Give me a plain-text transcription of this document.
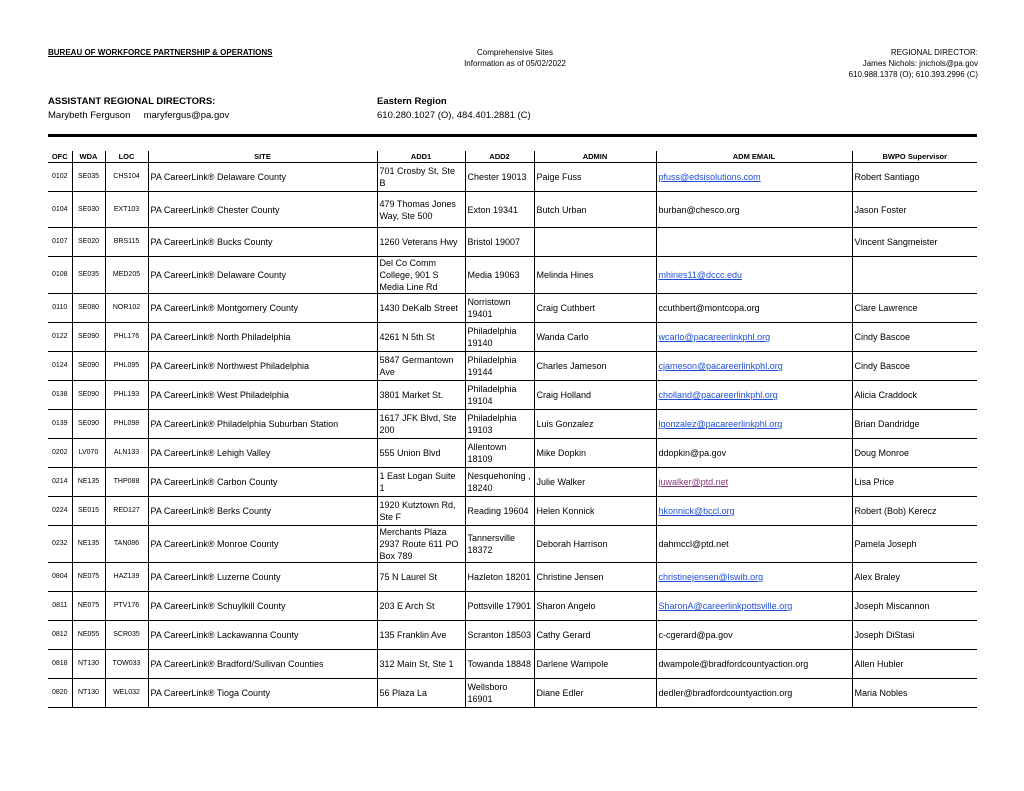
BUREAU OF WORKFORCE PARTNERSHIP & OPERATIONS	Comprehensive Sites
Information as of 05/02/2022
REGIONAL DIRECTOR:
James Nichols: jnichols@pa.gov
610.988.1378 (O); 610.393.2996 (C)
ASSISTANT REGIONAL DIRECTORS:
Marybeth Ferguson maryfergus@pa.gov
Eastern Region
610.280.1027 (O), 484.401.2881 (C)
OFC	WDA	LOC	SITE	ADD1	ADD2	ADMIN	ADM EMAIL	BWPO Supervisor
0102	SE035	CHS104	PA CareerLink® Delaware County	701 Crosby St, Ste B	Chester 19013	Paige Fuss	pfuss@edsisolutions.com	Robert Santiago
0104	SE030	EXT103	PA CareerLink® Chester County	479 Thomas Jones Way, Ste 500	Exton 19341	Butch Urban	burban@chesco.org	Jason Foster
0107	SE020	BRS115	PA CareerLink® Bucks County	1260 Veterans Hwy	Bristol 19007			Vincent Sangmeister
0108	SE035	MED205	PA CareerLink® Delaware County	Del Co Comm College, 901 S Media Line Rd	Media 19063	Melinda Hines	mhines11@dccc.edu	
0110	SE080	NOR102	PA CareerLink® Montgomery County	1430 DeKalb Street	Norristown 19401	Craig Cuthbert	ccuthbert@montcopa.org	Clare Lawrence
0122	SE090	PHL176	PA CareerLink® North Philadelphia	4261 N 5th St	Philadelphia 19140	Wanda Carlo	wcarlo@pacareerlinkphl.org	Cindy Bascoe
0124	SE090	PHL095	PA CareerLink® Northwest Philadelphia	5847 Germantown Ave	Philadelphia 19144	Charles Jameson	cjameson@pacareerlinkphl.org	Cindy Bascoe
0138	SE090	PHL193	PA CareerLink® West Philadelphia	3801 Market St.	Philadelphia 19104	Craig Holland	cholland@pacareerlinkphl.org	Alicia Craddock
0139	SE090	PHL098	PA CareerLink® Philadelphia Suburban Station	1617 JFK Blvd, Ste 200	Philadelphia 19103	Luis Gonzalez	lgonzalez@pacareerlinkphl.org	Brian Dandridge
0202	LV070	ALN133	PA CareerLink® Lehigh Valley	555 Union Blvd	Allentown 18109	Mike Dopkin	ddopkin@pa.gov	Doug Monroe
0214	NE135	THP088	PA CareerLink® Carbon County	1 East Logan Suite 1	Nesquehoning , 18240	Julie Walker	juwalker@ptd.net	Lisa Price
0224	SE015	RED127	PA CareerLink® Berks County	1920 Kutztown Rd, Ste F	Reading 19604	Helen Konnick	hkonnick@bccl.org	Robert (Bob) Kerecz
0232	NE135	TAN086	PA CareerLink® Monroe County	Merchants Plaza 2937 Route 611 PO Box 789	Tannersville 18372	Deborah Harrison	dahmccl@ptd.net	Pamela Joseph
0804	NE075	HAZ139	PA CareerLink® Luzerne County	75 N Laurel St	Hazleton 18201	Christine Jensen	christinejensen@lswib.org	Alex Braley
0811	NE075	PTV176	PA CareerLink® Schuylkill County	203 E Arch St	Pottsville 17901	Sharon Angelo	SharonA@careerlinkpottsville.org	Joseph Miscannon
0812	NE055	SCR035	PA CareerLink® Lackawanna County	135 Franklin Ave	Scranton 18503	Cathy Gerard	c-cgerard@pa.gov	Joseph DiStasi
0818	NT130	TOW033	PA CareerLink® Bradford/Sullivan Counties	312 Main St, Ste 1	Towanda 18848	Darlene Wampole	dwampole@bradfordcountyaction.org	Allen Hubler
0820	NT130	WEL032	PA CareerLink® Tioga County	56 Plaza La	Wellsboro 16901	Diane Edler	dedler@bradfordcountyaction.org	Maria Nobles
